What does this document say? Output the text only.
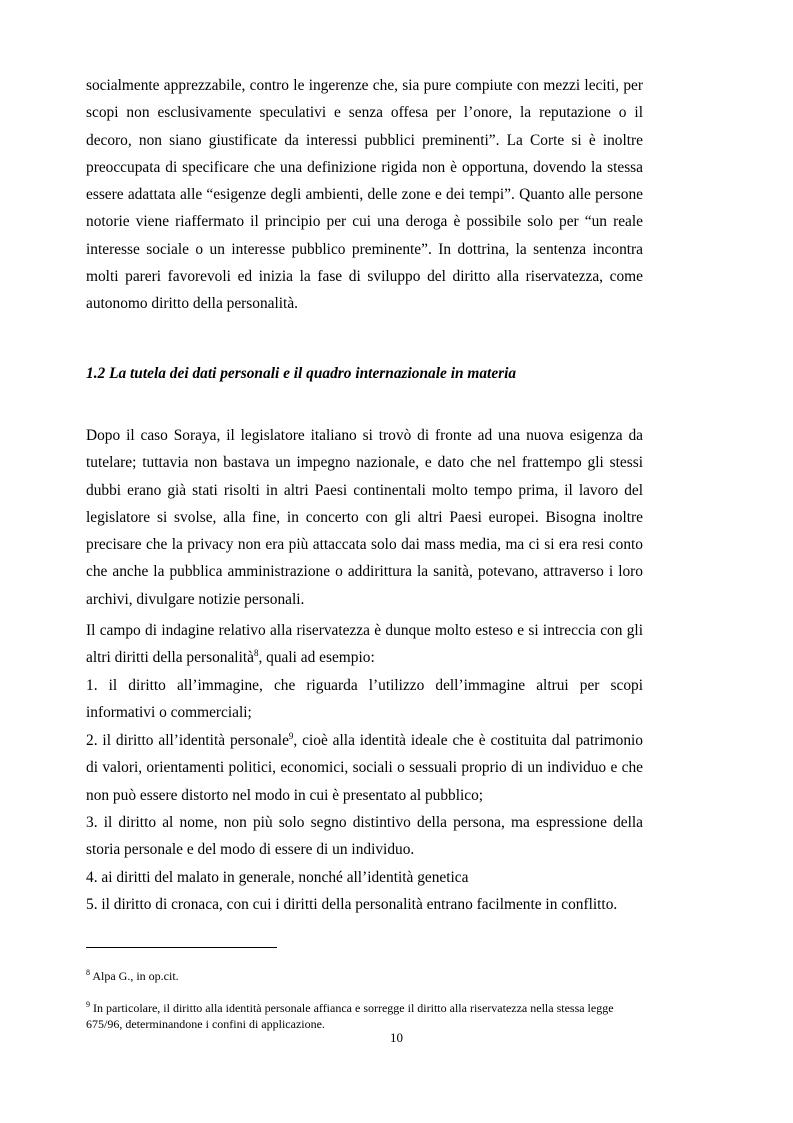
socialmente apprezzabile, contro le ingerenze che, sia pure compiute con mezzi leciti, per scopi non esclusivamente speculativi e senza offesa per l’onore, la reputazione o il decoro, non siano giustificate da interessi pubblici preminenti”. La Corte si è inoltre preoccupata di specificare che una definizione rigida non è opportuna, dovendo la stessa essere adattata alle “esigenze degli ambienti, delle zone e dei tempi”. Quanto alle persone notorie viene riaffermato il principio per cui una deroga è possibile solo per “un reale interesse sociale o un interesse pubblico preminente”. In dottrina, la sentenza incontra molti pareri favorevoli ed inizia la fase di sviluppo del diritto alla riservatezza, come autonomo diritto della personalità.

1.2 La tutela dei dati personali e il quadro internazionale in materia

Dopo il caso Soraya, il legislatore italiano si trovò di fronte ad una nuova esigenza da tutelare; tuttavia non bastava un impegno nazionale, e dato che nel frattempo gli stessi dubbi erano già stati risolti in altri Paesi continentali molto tempo prima, il lavoro del legislatore si svolse, alla fine, in concerto con gli altri Paesi europei. Bisogna inoltre precisare che la privacy non era più attaccata solo dai mass media, ma ci si era resi conto che anche la pubblica amministrazione o addirittura la sanità, potevano, attraverso i loro archivi, divulgare notizie personali.

Il campo di indagine relativo alla riservatezza è dunque molto esteso e si intreccia con gli altri diritti della personalità$^8$, quali ad esempio:

1. il diritto all’immagine, che riguarda l’utilizzo dell’immagine altrui per scopi informativi o commerciali;

2. il diritto all’identità personale$^9$, cioè alla identità ideale che è costituita dal patrimonio di valori, orientamenti politici, economici, sociali o sessuali proprio di un individuo e che non può essere distorto nel modo in cui è presentato al pubblico;

3. il diritto al nome, non più solo segno distintivo della persona, ma espressione della storia personale e del modo di essere di un individuo.

4. ai diritti del malato in generale, nonché all’identità genetica

5. il diritto di cronaca, con cui i diritti della personalità entrano facilmente in conflitto.

$^8$ Alpa G., in op.cit.

$^9$ In particolare, il diritto alla identità personale affianca e sorregge il diritto alla riservatezza nella stessa legge 675/96, determinandone i confini di applicazione.

10
